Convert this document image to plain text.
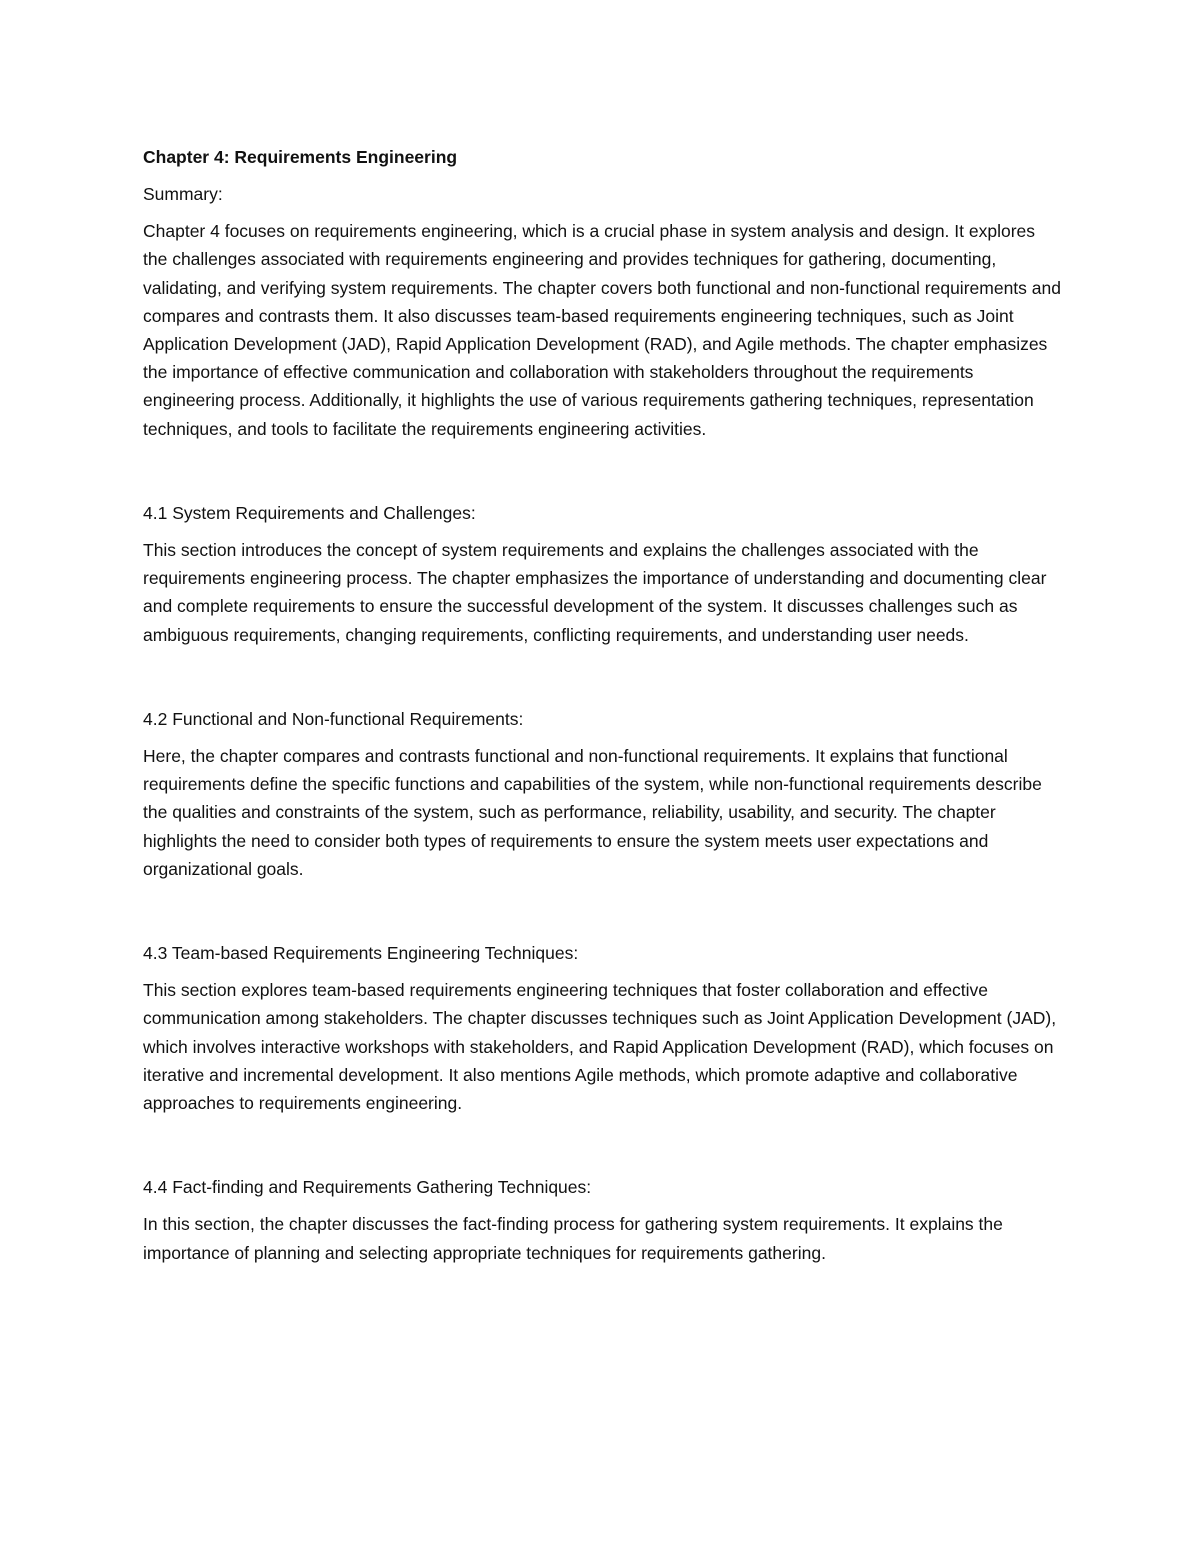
Chapter 4: Requirements Engineering

Summary:

Chapter 4 focuses on requirements engineering, which is a crucial phase in system analysis and design. It explores the challenges associated with requirements engineering and provides techniques for gathering, documenting, validating, and verifying system requirements. The chapter covers both functional and non-functional requirements and compares and contrasts them. It also discusses team-based requirements engineering techniques, such as Joint Application Development (JAD), Rapid Application Development (RAD), and Agile methods. The chapter emphasizes the importance of effective communication and collaboration with stakeholders throughout the requirements engineering process. Additionally, it highlights the use of various requirements gathering techniques, representation techniques, and tools to facilitate the requirements engineering activities.

4.1 System Requirements and Challenges:

This section introduces the concept of system requirements and explains the challenges associated with the requirements engineering process. The chapter emphasizes the importance of understanding and documenting clear and complete requirements to ensure the successful development of the system. It discusses challenges such as ambiguous requirements, changing requirements, conflicting requirements, and understanding user needs.

4.2 Functional and Non-functional Requirements:

Here, the chapter compares and contrasts functional and non-functional requirements. It explains that functional requirements define the specific functions and capabilities of the system, while non-functional requirements describe the qualities and constraints of the system, such as performance, reliability, usability, and security. The chapter highlights the need to consider both types of requirements to ensure the system meets user expectations and organizational goals.

4.3 Team-based Requirements Engineering Techniques:

This section explores team-based requirements engineering techniques that foster collaboration and effective communication among stakeholders. The chapter discusses techniques such as Joint Application Development (JAD), which involves interactive workshops with stakeholders, and Rapid Application Development (RAD), which focuses on iterative and incremental development. It also mentions Agile methods, which promote adaptive and collaborative approaches to requirements engineering.

4.4 Fact-finding and Requirements Gathering Techniques:

In this section, the chapter discusses the fact-finding process for gathering system requirements. It explains the importance of planning and selecting appropriate techniques for requirements gathering.
